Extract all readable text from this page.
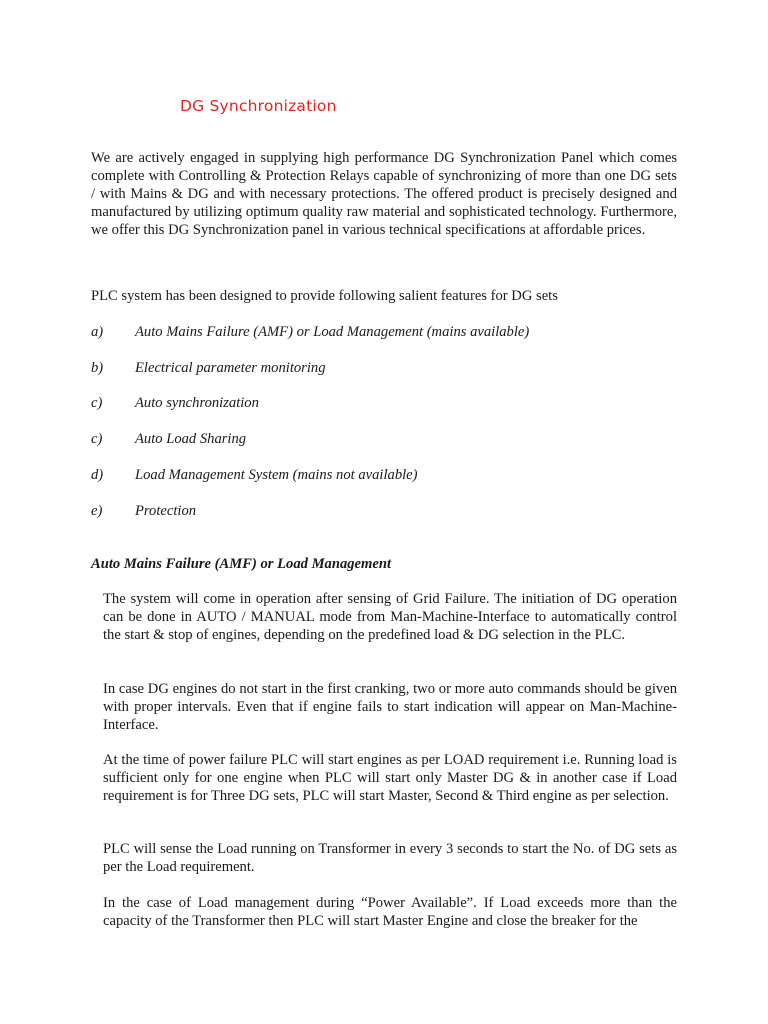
DG Synchronization

We are actively engaged in supplying high performance DG Synchronization Panel which comes complete with Controlling & Protection Relays capable of synchronizing of more than one DG sets / with Mains & DG and with necessary protections. The offered product is precisely designed and manufactured by utilizing optimum quality raw material and sophisticated technology. Furthermore, we offer this DG Synchronization panel in various technical specifications at affordable prices.

PLC system has been designed to provide following salient features for DG sets

a) Auto Mains Failure (AMF) or Load Management (mains available)
b) Electrical parameter monitoring
c) Auto synchronization
c) Auto Load Sharing
d) Load Management System (mains not available)
e) Protection
Auto Mains Failure (AMF) or Load Management

The system will come in operation after sensing of Grid Failure. The initiation of DG operation can be done in AUTO / MANUAL mode from Man-Machine-Interface to automatically control the start & stop of engines, depending on the predefined load & DG selection in the PLC.

In case DG engines do not start in the first cranking, two or more auto commands should be given with proper intervals. Even that if engine fails to start indication will appear on Man-Machine-Interface.

At the time of power failure PLC will start engines as per LOAD requirement i.e. Running load is sufficient only for one engine when PLC will start only Master DG & in another case if Load requirement is for Three DG sets, PLC will start Master, Second & Third engine as per selection.

PLC will sense the Load running on Transformer in every 3 seconds to start the No. of DG sets as per the Load requirement.

In the case of Load management during “Power Available”. If Load exceeds more than the capacity of the Transformer then PLC will start Master Engine and close the breaker for the
